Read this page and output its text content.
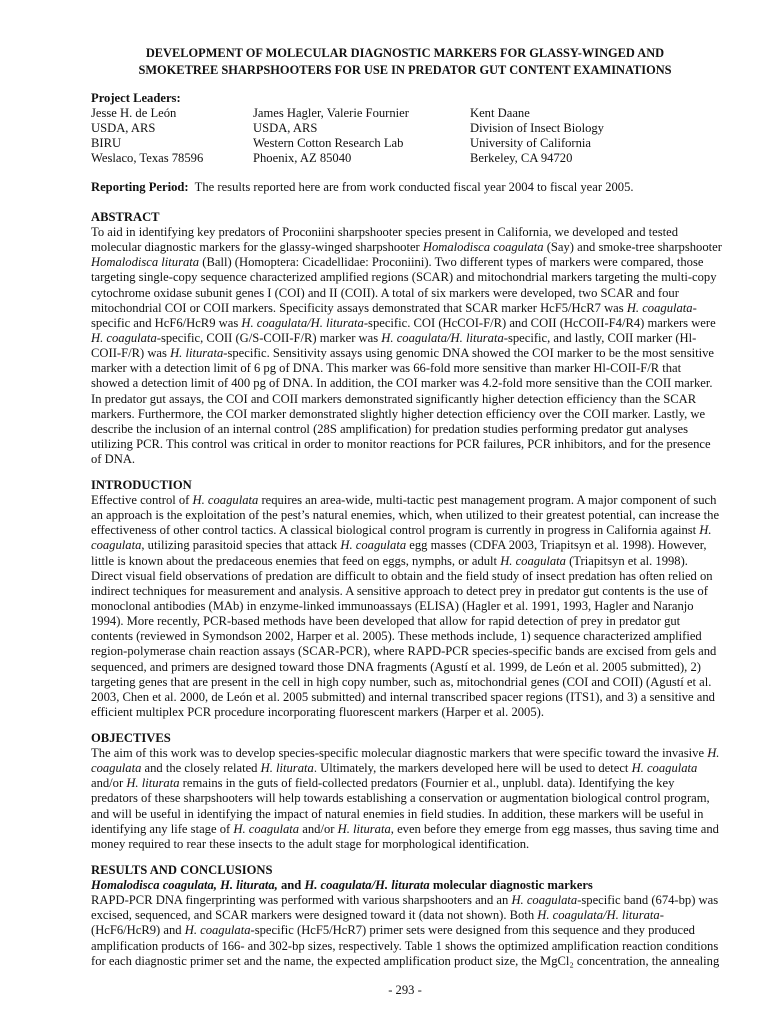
DEVELOPMENT OF MOLECULAR DIAGNOSTIC MARKERS FOR GLASSY-WINGED AND
SMOKETREE SHARPSHOOTERS FOR USE IN PREDATOR GUT CONTENT EXAMINATIONS
Project Leaders:
Jesse H. de León
USDA, ARS
BIRU
Weslaco, Texas 78596
James Hagler, Valerie Fournier
USDA, ARS
Western Cotton Research Lab
Phoenix, AZ 85040
Kent Daane
Division of Insect Biology
University of California
Berkeley, CA 94720
Reporting Period: The results reported here are from work conducted fiscal year 2004 to fiscal year 2005.
ABSTRACT
To aid in identifying key predators of Proconiini sharpshooter species present in California, we developed and tested
molecular diagnostic markers for the glassy-winged sharpshooter Homalodisca coagulata (Say) and smoke-tree sharpshooter
Homalodisca liturata (Ball) (Homoptera: Cicadellidae: Proconiini). Two different types of markers were compared, those
targeting single-copy sequence characterized amplified regions (SCAR) and mitochondrial markers targeting the multi-copy
cytochrome oxidase subunit genes I (COI) and II (COII). A total of six markers were developed, two SCAR and four
mitochondrial COI or COII markers. Specificity assays demonstrated that SCAR marker HcF5/HcR7 was H. coagulata-
specific and HcF6/HcR9 was H. coagulata/H. liturata-specific. COI (HcCOI-F/R) and COII (HcCOII-F4/R4) markers were
H. coagulata-specific, COII (G/S-COII-F/R) marker was H. coagulata/H. liturata-specific, and lastly, COII marker (Hl-
COII-F/R) was H. liturata-specific. Sensitivity assays using genomic DNA showed the COI marker to be the most sensitive
marker with a detection limit of 6 pg of DNA. This marker was 66-fold more sensitive than marker Hl-COII-F/R that
showed a detection limit of 400 pg of DNA. In addition, the COI marker was 4.2-fold more sensitive than the COII marker.
In predator gut assays, the COI and COII markers demonstrated significantly higher detection efficiency than the SCAR
markers. Furthermore, the COI marker demonstrated slightly higher detection efficiency over the COII marker. Lastly, we
describe the inclusion of an internal control (28S amplification) for predation studies performing predator gut analyses
utilizing PCR. This control was critical in order to monitor reactions for PCR failures, PCR inhibitors, and for the presence
of DNA.
INTRODUCTION
Effective control of H. coagulata requires an area-wide, multi-tactic pest management program. A major component of such
an approach is the exploitation of the pest’s natural enemies, which, when utilized to their greatest potential, can increase the
effectiveness of other control tactics. A classical biological control program is currently in progress in California against H.
coagulata, utilizing parasitoid species that attack H. coagulata egg masses (CDFA 2003, Triapitsyn et al. 1998). However,
little is known about the predaceous enemies that feed on eggs, nymphs, or adult H. coagulata (Triapitsyn et al. 1998).
Direct visual field observations of predation are difficult to obtain and the field study of insect predation has often relied on
indirect techniques for measurement and analysis. A sensitive approach to detect prey in predator gut contents is the use of
monoclonal antibodies (MAb) in enzyme-linked immunoassays (ELISA) (Hagler et al. 1991, 1993, Hagler and Naranjo
1994). More recently, PCR-based methods have been developed that allow for rapid detection of prey in predator gut
contents (reviewed in Symondson 2002, Harper et al. 2005). These methods include, 1) sequence characterized amplified
region-polymerase chain reaction assays (SCAR-PCR), where RAPD-PCR species-specific bands are excised from gels and
sequenced, and primers are designed toward those DNA fragments (Agustí et al. 1999, de León et al. 2005 submitted), 2)
targeting genes that are present in the cell in high copy number, such as, mitochondrial genes (COI and COII) (Agustí et al.
2003, Chen et al. 2000, de León et al. 2005 submitted) and internal transcribed spacer regions (ITS1), and 3) a sensitive and
efficient multiplex PCR procedure incorporating fluorescent markers (Harper et al. 2005).
OBJECTIVES
The aim of this work was to develop species-specific molecular diagnostic markers that were specific toward the invasive H.
coagulata and the closely related H. liturata. Ultimately, the markers developed here will be used to detect H. coagulata
and/or H. liturata remains in the guts of field-collected predators (Fournier et al., unplubl. data). Identifying the key
predators of these sharpshooters will help towards establishing a conservation or augmentation biological control program,
and will be useful in identifying the impact of natural enemies in field studies. In addition, these markers will be useful in
identifying any life stage of H. coagulata and/or H. liturata, even before they emerge from egg masses, thus saving time and
money required to rear these insects to the adult stage for morphological identification.
RESULTS AND CONCLUSIONS
Homalodisca coagulata, H. liturata, and H. coagulata/H. liturata molecular diagnostic markers
RAPD-PCR DNA fingerprinting was performed with various sharpshooters and an H. coagulata-specific band (674-bp) was
excised, sequenced, and SCAR markers were designed toward it (data not shown). Both H. coagulata/H. liturata-
(HcF6/HcR9) and H. coagulata-specific (HcF5/HcR7) primer sets were designed from this sequence and they produced
amplification products of 166- and 302-bp sizes, respectively. Table 1 shows the optimized amplification reaction conditions
for each diagnostic primer set and the name, the expected amplification product size, the MgCl₂ concentration, the annealing
- 293 -
